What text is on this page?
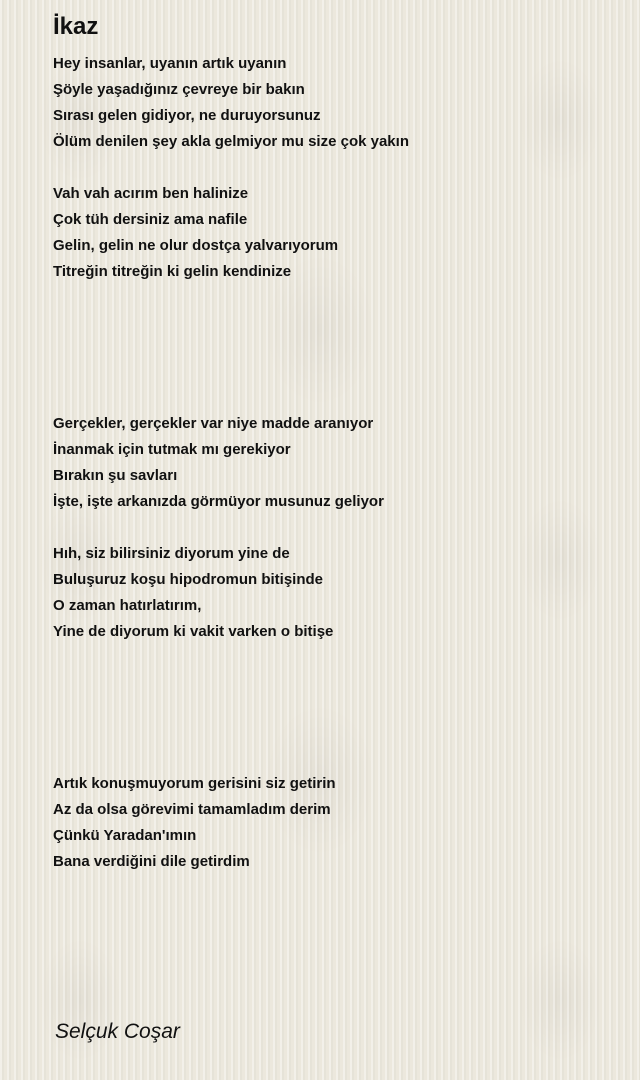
İkaz
Hey insanlar, uyanın artık uyanın
Şöyle yaşadığınız çevreye bir bakın
Sırası gelen gidiyor, ne duruyorsunuz
Ölüm denilen şey akla gelmiyor mu size çok yakın
Vah vah acırım ben halinize
Çok tüh dersiniz ama nafile
Gelin, gelin ne olur dostça yalvarıyorum
Titreğin titreğin ki gelin kendinize
Gerçekler, gerçekler var niye madde aranıyor
İnanmak için tutmak mı gerekiyor
Bırakın şu savları
İşte, işte arkanızda görmüyor musunuz geliyor
Hıh, siz bilirsiniz diyorum yine de
Buluşuruz koşu hipodromun bitişinde
O zaman hatırlatırım,
Yine de diyorum ki vakit varken o bitişe
Artık konuşmuyorum gerisini siz getirin
Az da olsa görevimi tamamladım derim
Çünkü Yaradan'ımın
Bana verdiğini dile getirdim
Selçuk Coşar
